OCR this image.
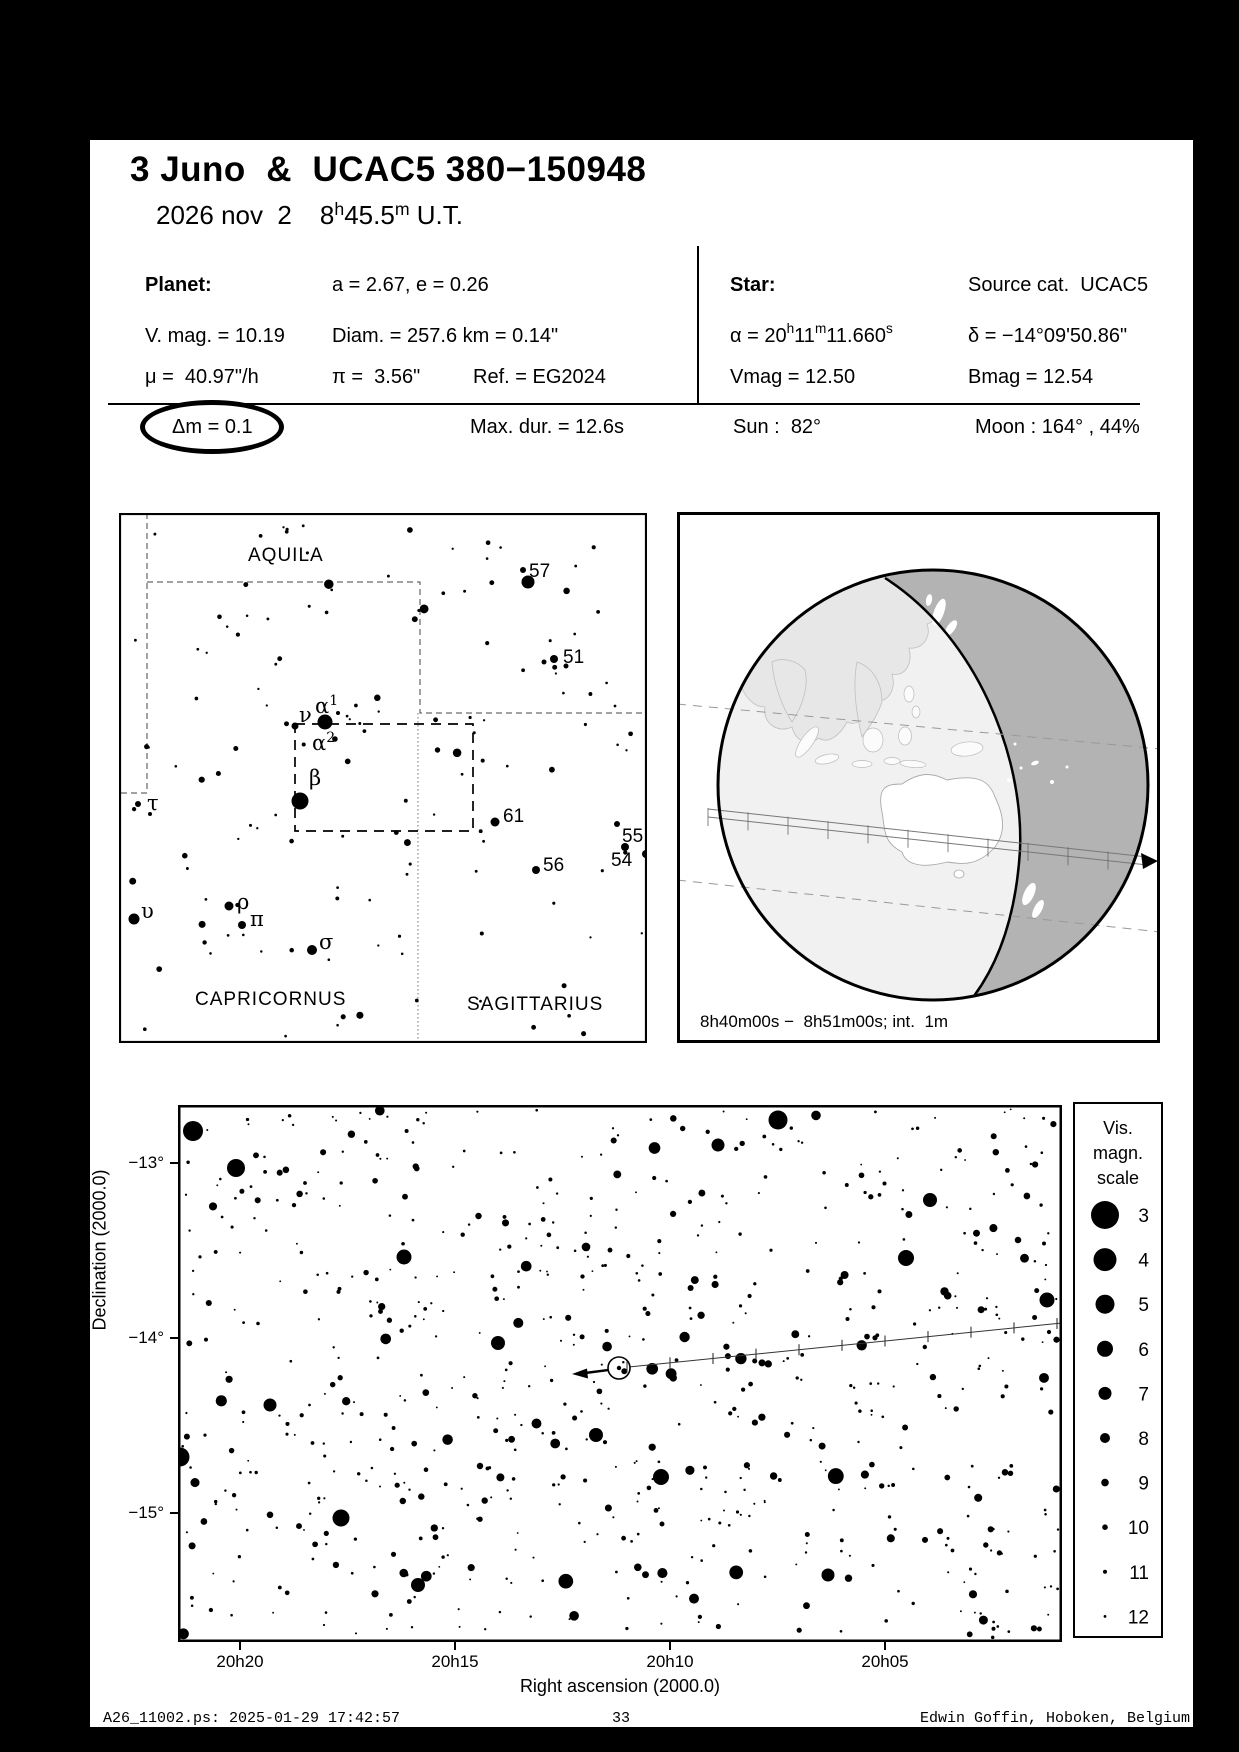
3 Juno  &  UCAC5 380−150948
2026 nov  2 8h45.5m U.T.
Planet:	a = 2.67, e = 0.26
V. mag. = 10.19 Diam. = 257.6 km = 0.14"
μ =  40.97"/h	π =  3.56"	Ref. = EG2024
Star:	Source cat.  UCAC5
α = 20h11m11.660s	δ = −14°09'50.86"
Vmag = 12.50	Bmag = 12.54
Δm = 0.1	Max. dur. = 12.6s	Sun :  82°	Moon : 164° , 44%
57
51
ν $\alpha^1$
$\alpha^2$
β
τ
υ	ρ
π
σ
61
55
54
56
AQUILA
CAPRICORNUS	SAGITTARIUS
8h40m00s −  8h51m00s; int.  1m
Declination (2000.0)
Right ascension (2000.0)
Vis.
magn.
scale
3
4
5
6
7
8
9
10
11
12
A26_11002.ps: 2025-01-29 17:42:57	33	Edwin Goffin, Hoboken, Belgium
20h20	20h15	20h10	20h05
−13°
−14°
−15°
